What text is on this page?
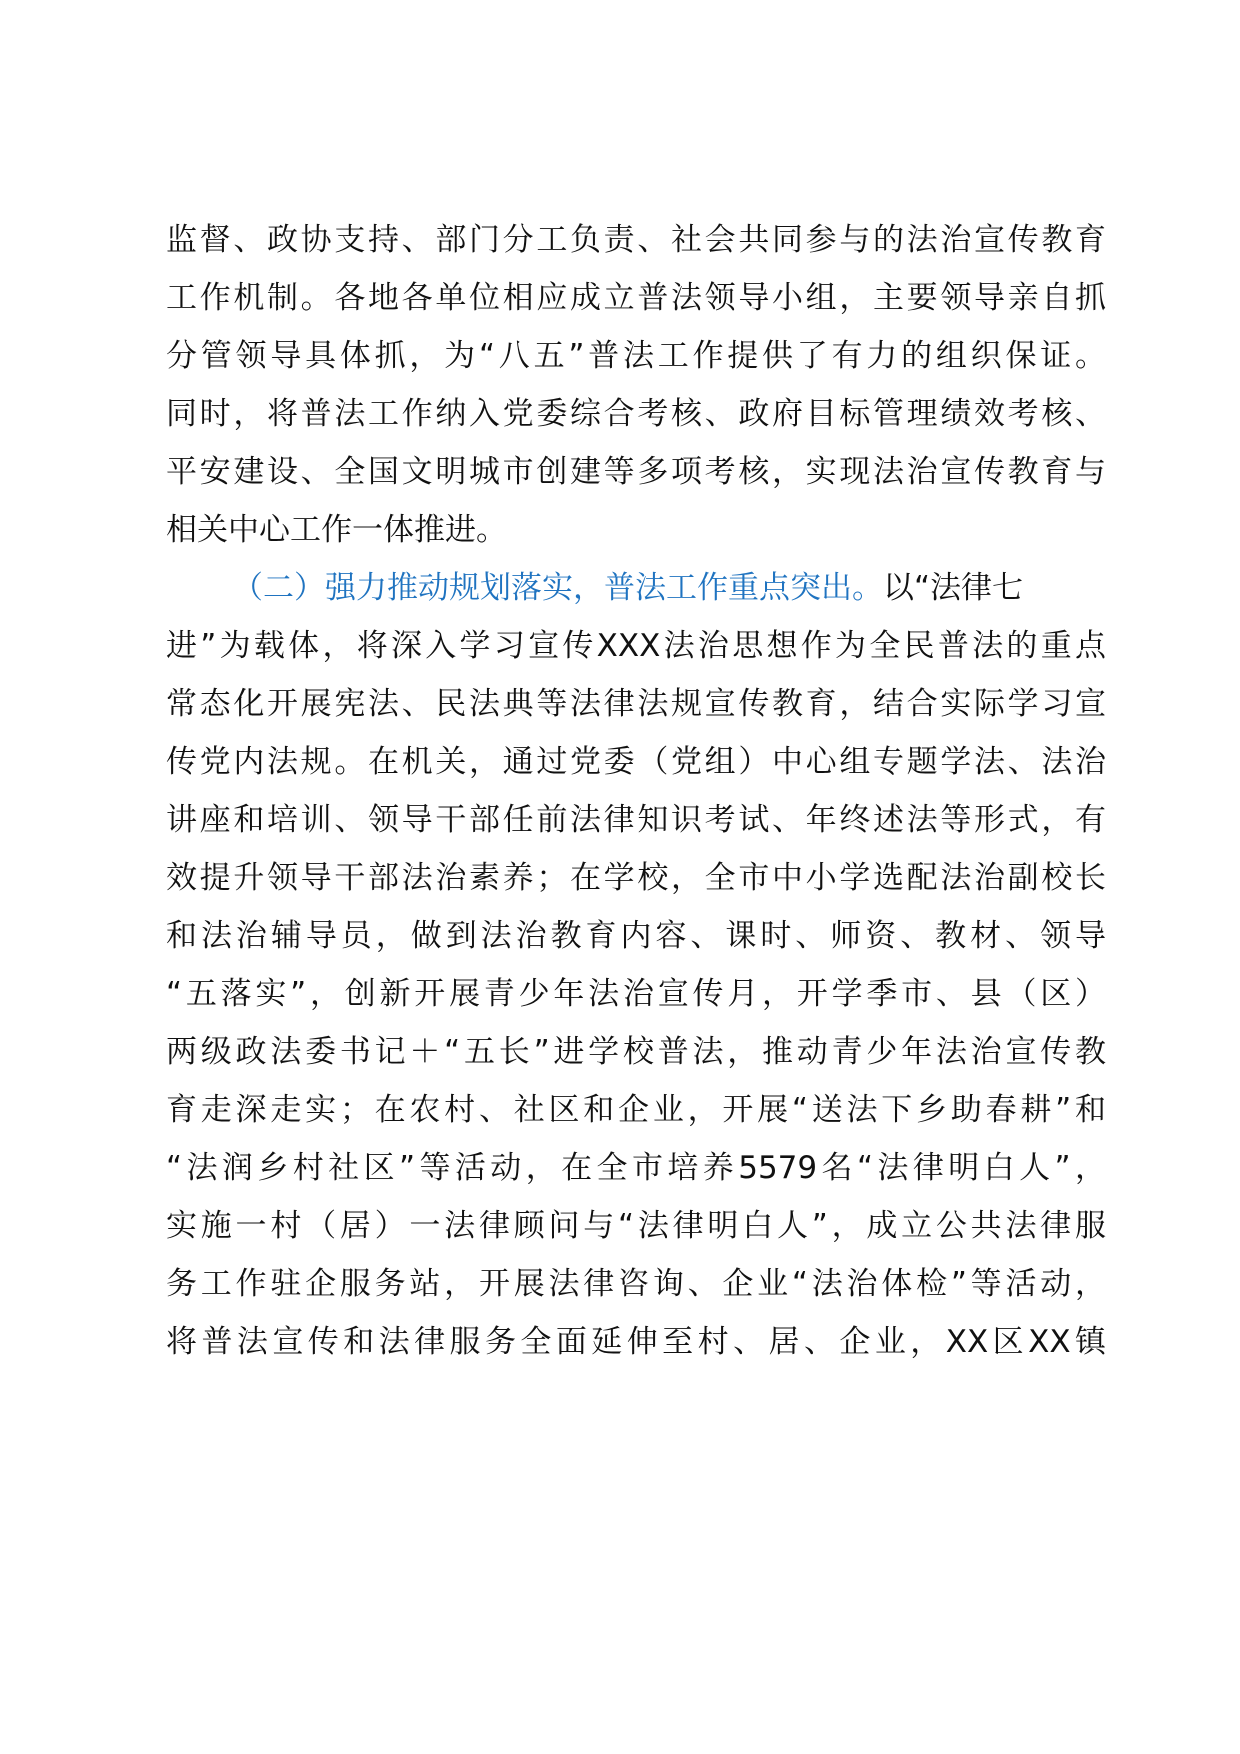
监督、政协支持、部门分工负责、社会共同参与的法治宣传教育
工作机制。各地各单位相应成立普法领导小组，主要领导亲自抓
分管领导具体抓，为“八五”普法工作提供了有力的组织保证。
同时，将普法工作纳入党委综合考核、政府目标管理绩效考核、
平安建设、全国文明城市创建等多项考核，实现法治宣传教育与
相关中心工作一体推进。
（二）强力推动规划落实，普法工作重点突出。以“法律七
进”为载体，将深入学习宣传XXX法治思想作为全民普法的重点
常态化开展宪法、民法典等法律法规宣传教育，结合实际学习宣
传党内法规。在机关，通过党委（党组）中心组专题学法、法治
讲座和培训、领导干部任前法律知识考试、年终述法等形式，有
效提升领导干部法治素养；在学校，全市中小学选配法治副校长
和法治辅导员，做到法治教育内容、课时、师资、教材、领导
“五落实”，创新开展青少年法治宣传月，开学季市、县（区）
两级政法委书记＋“五长”进学校普法，推动青少年法治宣传教
育走深走实；在农村、社区和企业，开展“送法下乡助春耕”和
“法润乡村社区”等活动，在全市培养5579名“法律明白人”，
实施一村（居）一法律顾问与“法律明白人”，成立公共法律服
务工作驻企服务站，开展法律咨询、企业“法治体检”等活动，
将普法宣传和法律服务全面延伸至村、居、企业，XX区XX镇
